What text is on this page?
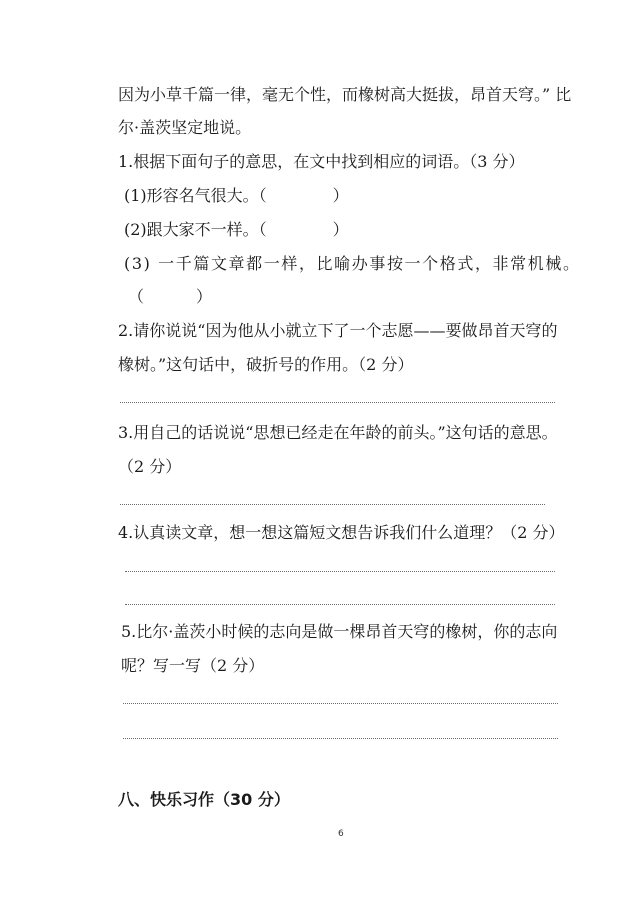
因为小草千篇一律，毫无个性，而橡树高大挺拔，昂首天穹。” 比
尔·盖茨坚定地说。
1.根据下面句子的意思，在文中找到相应的词语。（3 分）
(1)形容名气很大。（	）
(2)跟大家不一样。（	）
(3) 一千篇文章都一样，比喻办事按一个格式，非常机械。
（	）
2.请你说说“因为他从小就立下了一个志愿——要做昂首天穹的
橡树。”这句话中，破折号的作用。（2 分）
3.用自己的话说说“思想已经走在年龄的前头。”这句话的意思。
（2 分）
4.认真读文章，想一想这篇短文想告诉我们什么道理？（2 分）
5.比尔·盖茨小时候的志向是做一棵昂首天穹的橡树，你的志向
呢？写一写（2 分）
八、快乐习作（30 分）
6
